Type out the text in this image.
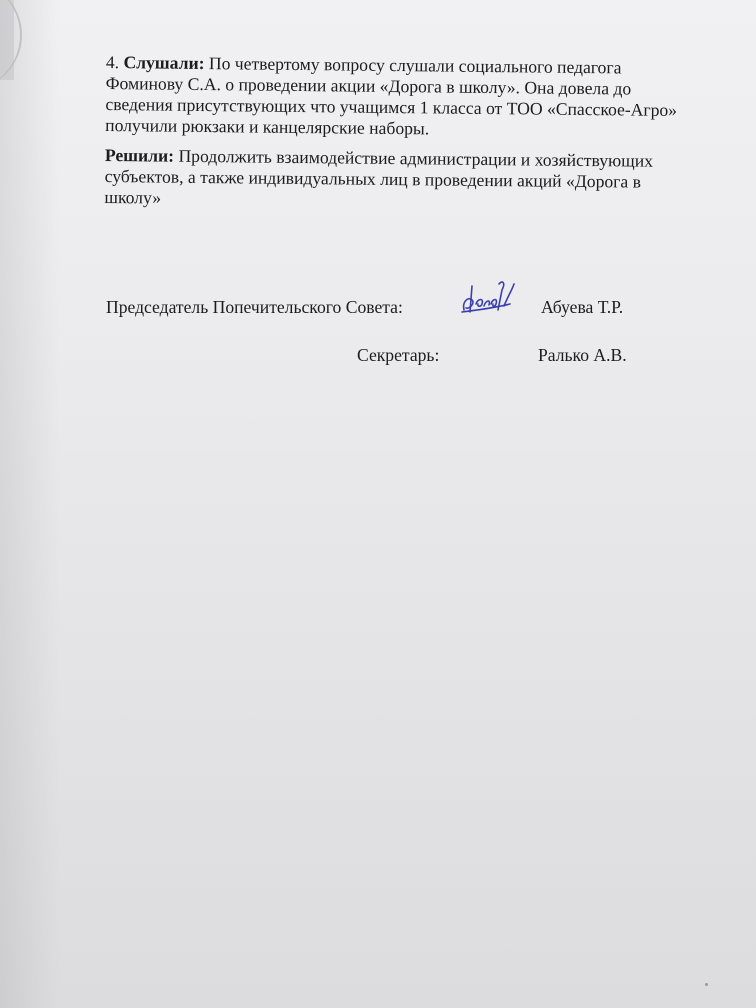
4. Слушали: По четвертому вопросу слушали социального педагога
Фоминову С.А. о проведении акции «Дорога в школу». Она довела до
сведения присутствующих что учащимся 1 класса от ТОО «Спасское-Агро»
получили рюкзаки и канцелярские наборы.

Решили: Продолжить взаимодействие администрации и хозяйствующих
субъектов, а также индивидуальных лиц в проведении акций «Дорога в
школу»

Председатель Попечительского Совета:	Абуева Т.Р.
Секретарь:	Ралько А.В.
